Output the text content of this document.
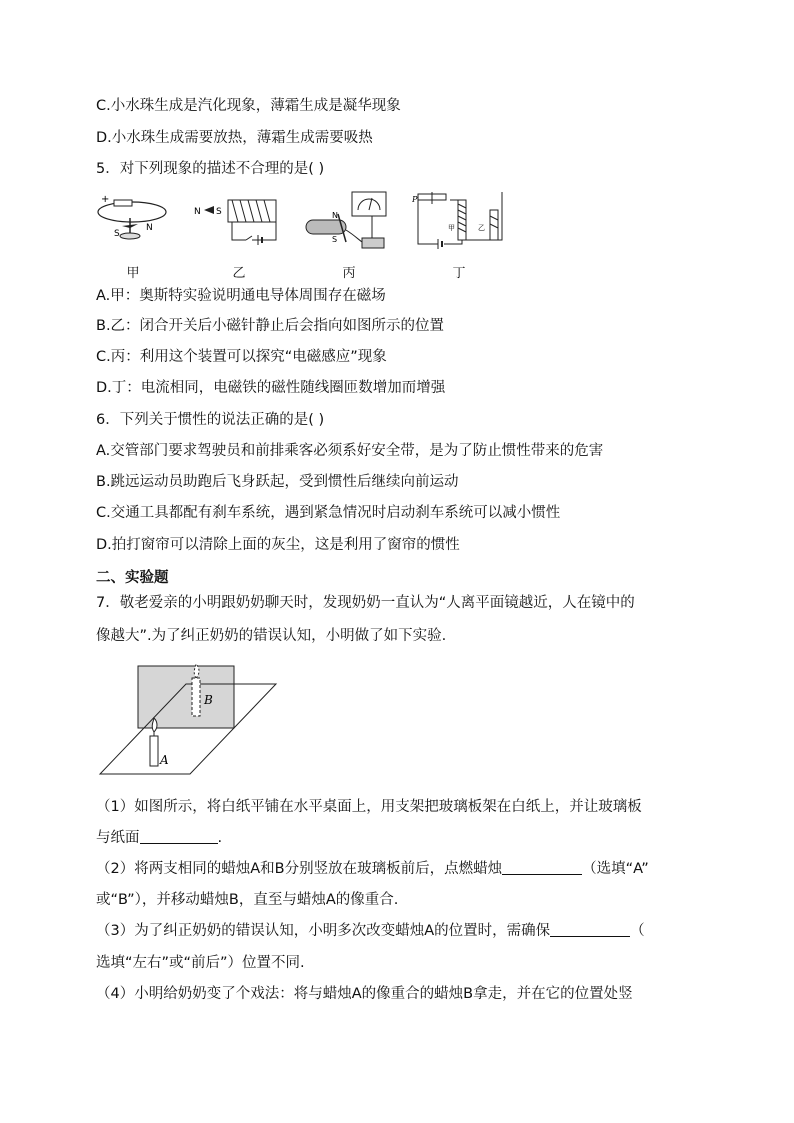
C.小水珠生成是汽化现象，薄霜生成是凝华现象
D.小水珠生成需要放热，薄霜生成需要吸热
5．对下列现象的描述不合理的是( )
+
S
N
甲
N S
乙
N
S
丙
P
甲	乙
丁
A.甲：奥斯特实验说明通电导体周围存在磁场
B.乙：闭合开关后小磁针静止后会指向如图所示的位置
C.丙：利用这个装置可以探究“电磁感应”现象
D.丁：电流相同，电磁铁的磁性随线圈匝数增加而增强
6．下列关于惯性的说法正确的是( )
A.交管部门要求驾驶员和前排乘客必须系好安全带，是为了防止惯性带来的危害
B.跳远运动员助跑后飞身跃起，受到惯性后继续向前运动
C.交通工具都配有刹车系统，遇到紧急情况时启动刹车系统可以减小惯性
D.拍打窗帘可以清除上面的灰尘，这是利用了窗帘的惯性
二、实验题
7．敬老爱亲的小明跟奶奶聊天时，发现奶奶一直认为“人离平面镜越近，人在镜中的
像越大”.为了纠正奶奶的错误认知，小明做了如下实验.
B
A
（1）如图所示，将白纸平铺在水平桌面上，用支架把玻璃板架在白纸上，并让玻璃板
与纸面	.
（2）将两支相同的蜡烛A和B分别竖放在玻璃板前后，点燃蜡烛	（选填“A”
或“B”），并移动蜡烛B，直至与蜡烛A的像重合.
（3）为了纠正奶奶的错误认知，小明多次改变蜡烛A的位置时，需确保	（
选填“左右”或“前后”）位置不同.
（4）小明给奶奶变了个戏法：将与蜡烛A的像重合的蜡烛B拿走，并在它的位置处竖
